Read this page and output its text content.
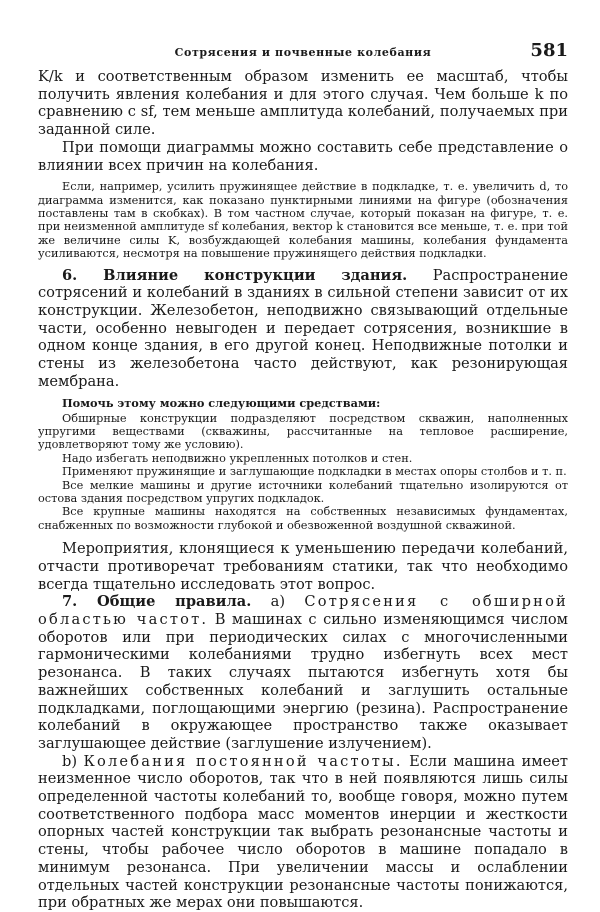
Сотрясения и почвенные колебания	581

K/k и соответственным образом изменить ее масштаб, чтобы получить явления колебания и для этого случая. Чем больше k по сравнению с sf, тем меньше амплитуда колебаний, получаемых при заданной силе.

При помощи диаграммы можно составить себе представление о влиянии всех причин на колебания.

Если, например, усилить пружинящее действие в подкладке, т. е. увеличить d, то диаграмма изменится, как показано пунктирными линиями на фигуре (обозначения поставлены там в скобках). В том частном случае, который показан на фигуре, т. е. при неизменной амплитуде sf колебания, вектор k становится все меньше, т. е. при той же величине силы K, возбуждающей колебания машины, колебания фундамента усиливаются, несмотря на повышение пружинящего действия подкладки.

6. Влияние конструкции здания. Распространение сотрясений и колебаний в зданиях в сильной степени зависит от их конструкции. Железобетон, неподвижно связывающий отдельные части, особенно невыгоден и передает сотрясения, возникшие в одном конце здания, в его другой конец. Неподвижные потолки и стены из железобетона часто действуют, как резонирующая мембрана.

Помочь этому можно следующими средствами:

Обширные конструкции подразделяют посредством скважин, наполненных упругими веществами (скважины, рассчитанные на тепловое расширение, удовлетворяют тому же условию).

Надо избегать неподвижно укрепленных потолков и стен.

Применяют пружинящие и заглушающие подкладки в местах опоры столбов и т. п.

Все мелкие машины и другие источники колебаний тщательно изолируются от остова здания посредством упругих подкладок.

Все крупные машины находятся на собственных независимых фундаментах, снабженных по возможности глубокой и обезвоженной воздушной скважиной.

Мероприятия, клонящиеся к уменьшению передачи колебаний, отчасти противоречат требованиям статики, так что необходимо всегда тщательно исследовать этот вопрос.

7. Общие правила. a) Сотрясения с обширной областью частот. В машинах с сильно изменяющимся числом оборотов или при периодических силах с многочисленными гармоническими колебаниями трудно избегнуть всех мест резонанса. В таких случаях пытаются избегнуть хотя бы важнейших собственных колебаний и заглушить остальные подкладками, поглощающими энергию (резина). Распространение колебаний в окружающее пространство также оказывает заглушающее действие (заглушение излучением).

b) Колебания постоянной частоты. Если машина имеет неизменное число оборотов, так что в ней появляются лишь силы определенной частоты колебаний то, вообще говоря, можно путем соответственного подбора масс моментов инерции и жесткости опорных частей конструкции так выбрать резонансные частоты и стены, чтобы рабочее число оборотов в машине попадало в минимум резонанса. При увеличении массы и ослаблении отдельных частей конструкции резонансные частоты понижаются, при обратных же мерах они повышаются.
